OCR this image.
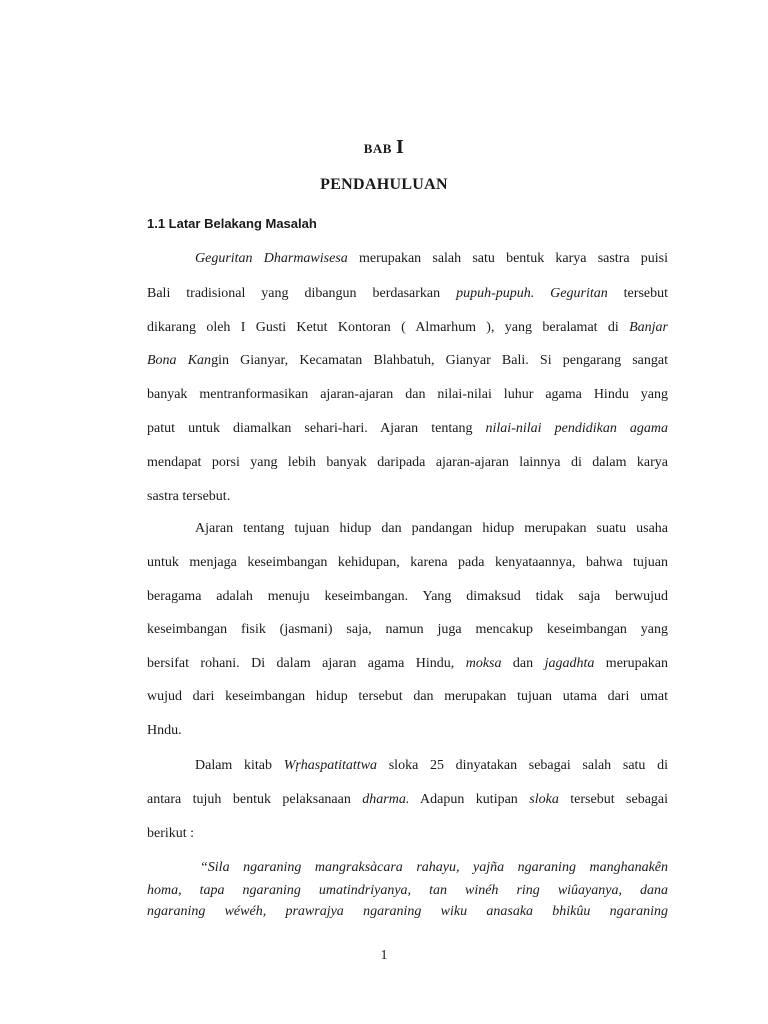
BAB I
PENDAHULUAN
1.1 Latar Belakang Masalah
Geguritan Dharmawisesa merupakan salah satu bentuk karya sastra puisi
Bali tradisional yang dibangun berdasarkan pupuh-pupuh. Geguritan tersebut
dikarang oleh I Gusti Ketut Kontoran ( Almarhum ), yang beralamat di Banjar
Bona Kangin Gianyar, Kecamatan Blahbatuh, Gianyar Bali. Si pengarang sangat
banyak mentranformasikan ajaran-ajaran dan nilai-nilai luhur agama Hindu yang
patut untuk diamalkan sehari-hari. Ajaran tentang nilai-nilai pendidikan agama
mendapat porsi yang lebih banyak daripada ajaran-ajaran lainnya di dalam karya
sastra tersebut.
Ajaran tentang tujuan hidup dan pandangan hidup merupakan suatu usaha
untuk menjaga keseimbangan kehidupan, karena pada kenyataannya, bahwa tujuan
beragama adalah menuju keseimbangan. Yang dimaksud tidak saja berwujud
keseimbangan fisik (jasmani) saja, namun juga mencakup keseimbangan yang
bersifat rohani. Di dalam ajaran agama Hindu, moksa dan jagadhta merupakan
wujud dari keseimbangan hidup tersebut dan merupakan tujuan utama dari umat
Hndu.
Dalam kitab Wŗhaspatitattwa sloka 25 dinyatakan sebagai salah satu di
antara tujuh bentuk pelaksanaan dharma. Adapun kutipan sloka tersebut sebagai
berikut :
“Sila ngaraning mangraksàcara rahayu, yajña ngaraning manghanakên
homa, tapa ngaraning umatindriyanya, tan winéh ring wiûayanya, dana
ngaraning wéwéh, prawrajya ngaraning wiku anasaka bhikûu ngaraning
1
